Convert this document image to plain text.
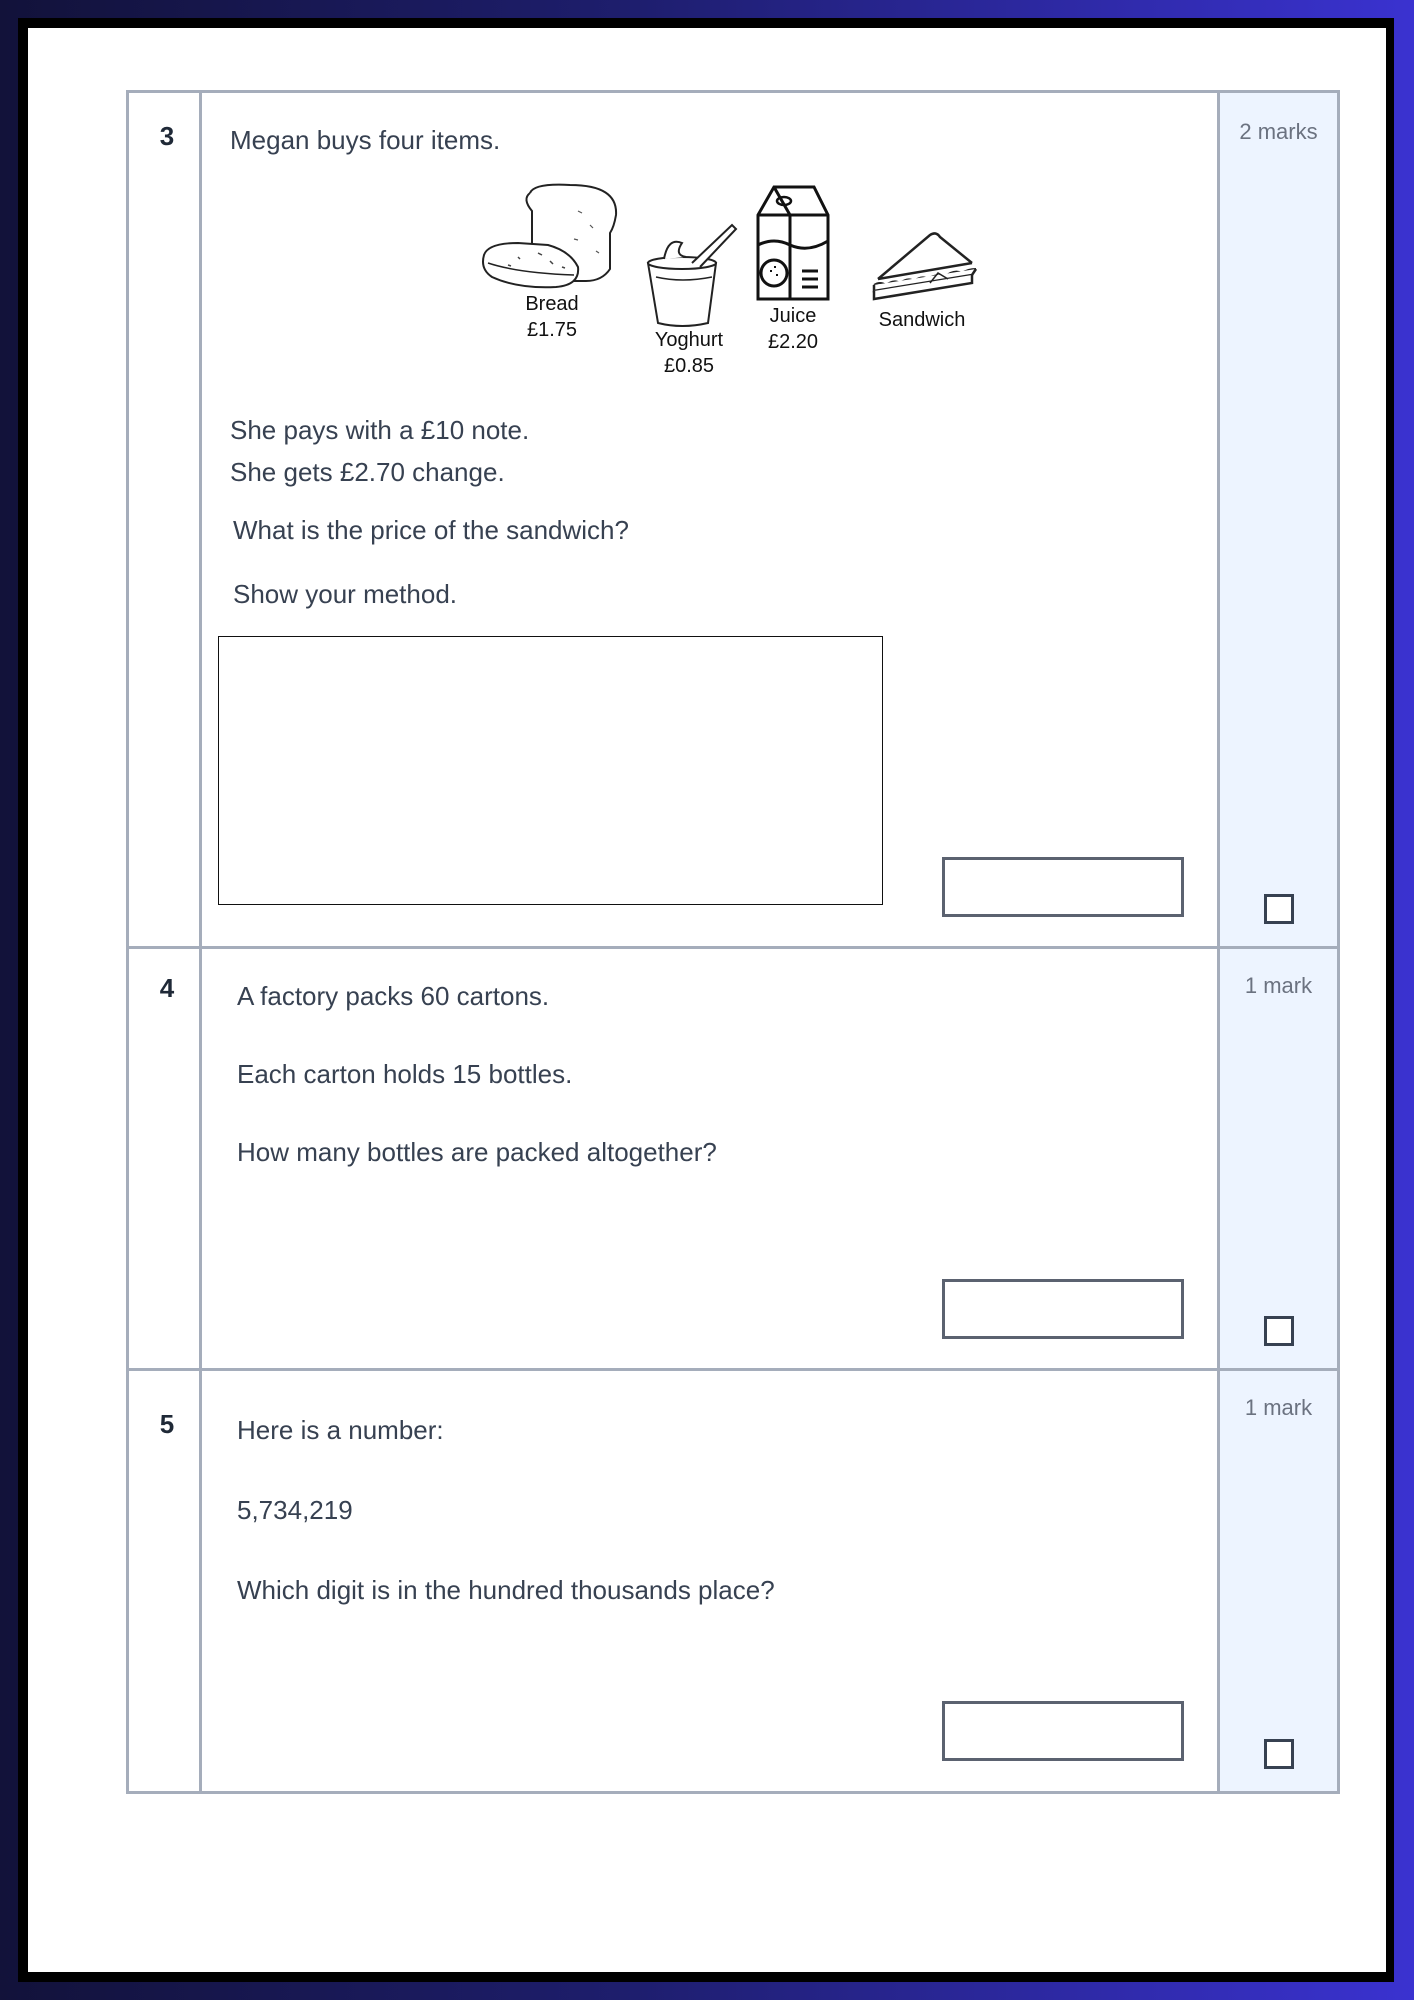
3	Megan buys four items.
Bread
£1.75	Yoghurt
£0.85
Juice
£2.20
Sandwich
She pays with a £10 note.
She gets £2.70 change.
What is the price of the sandwich?
Show your method.
2 marks
4	A factory packs 60 cartons.
Each carton holds 15 bottles.
How many bottles are packed altogether?
1 mark
5	Here is a number:
5,734,219
Which digit is in the hundred thousands place?
1 mark
